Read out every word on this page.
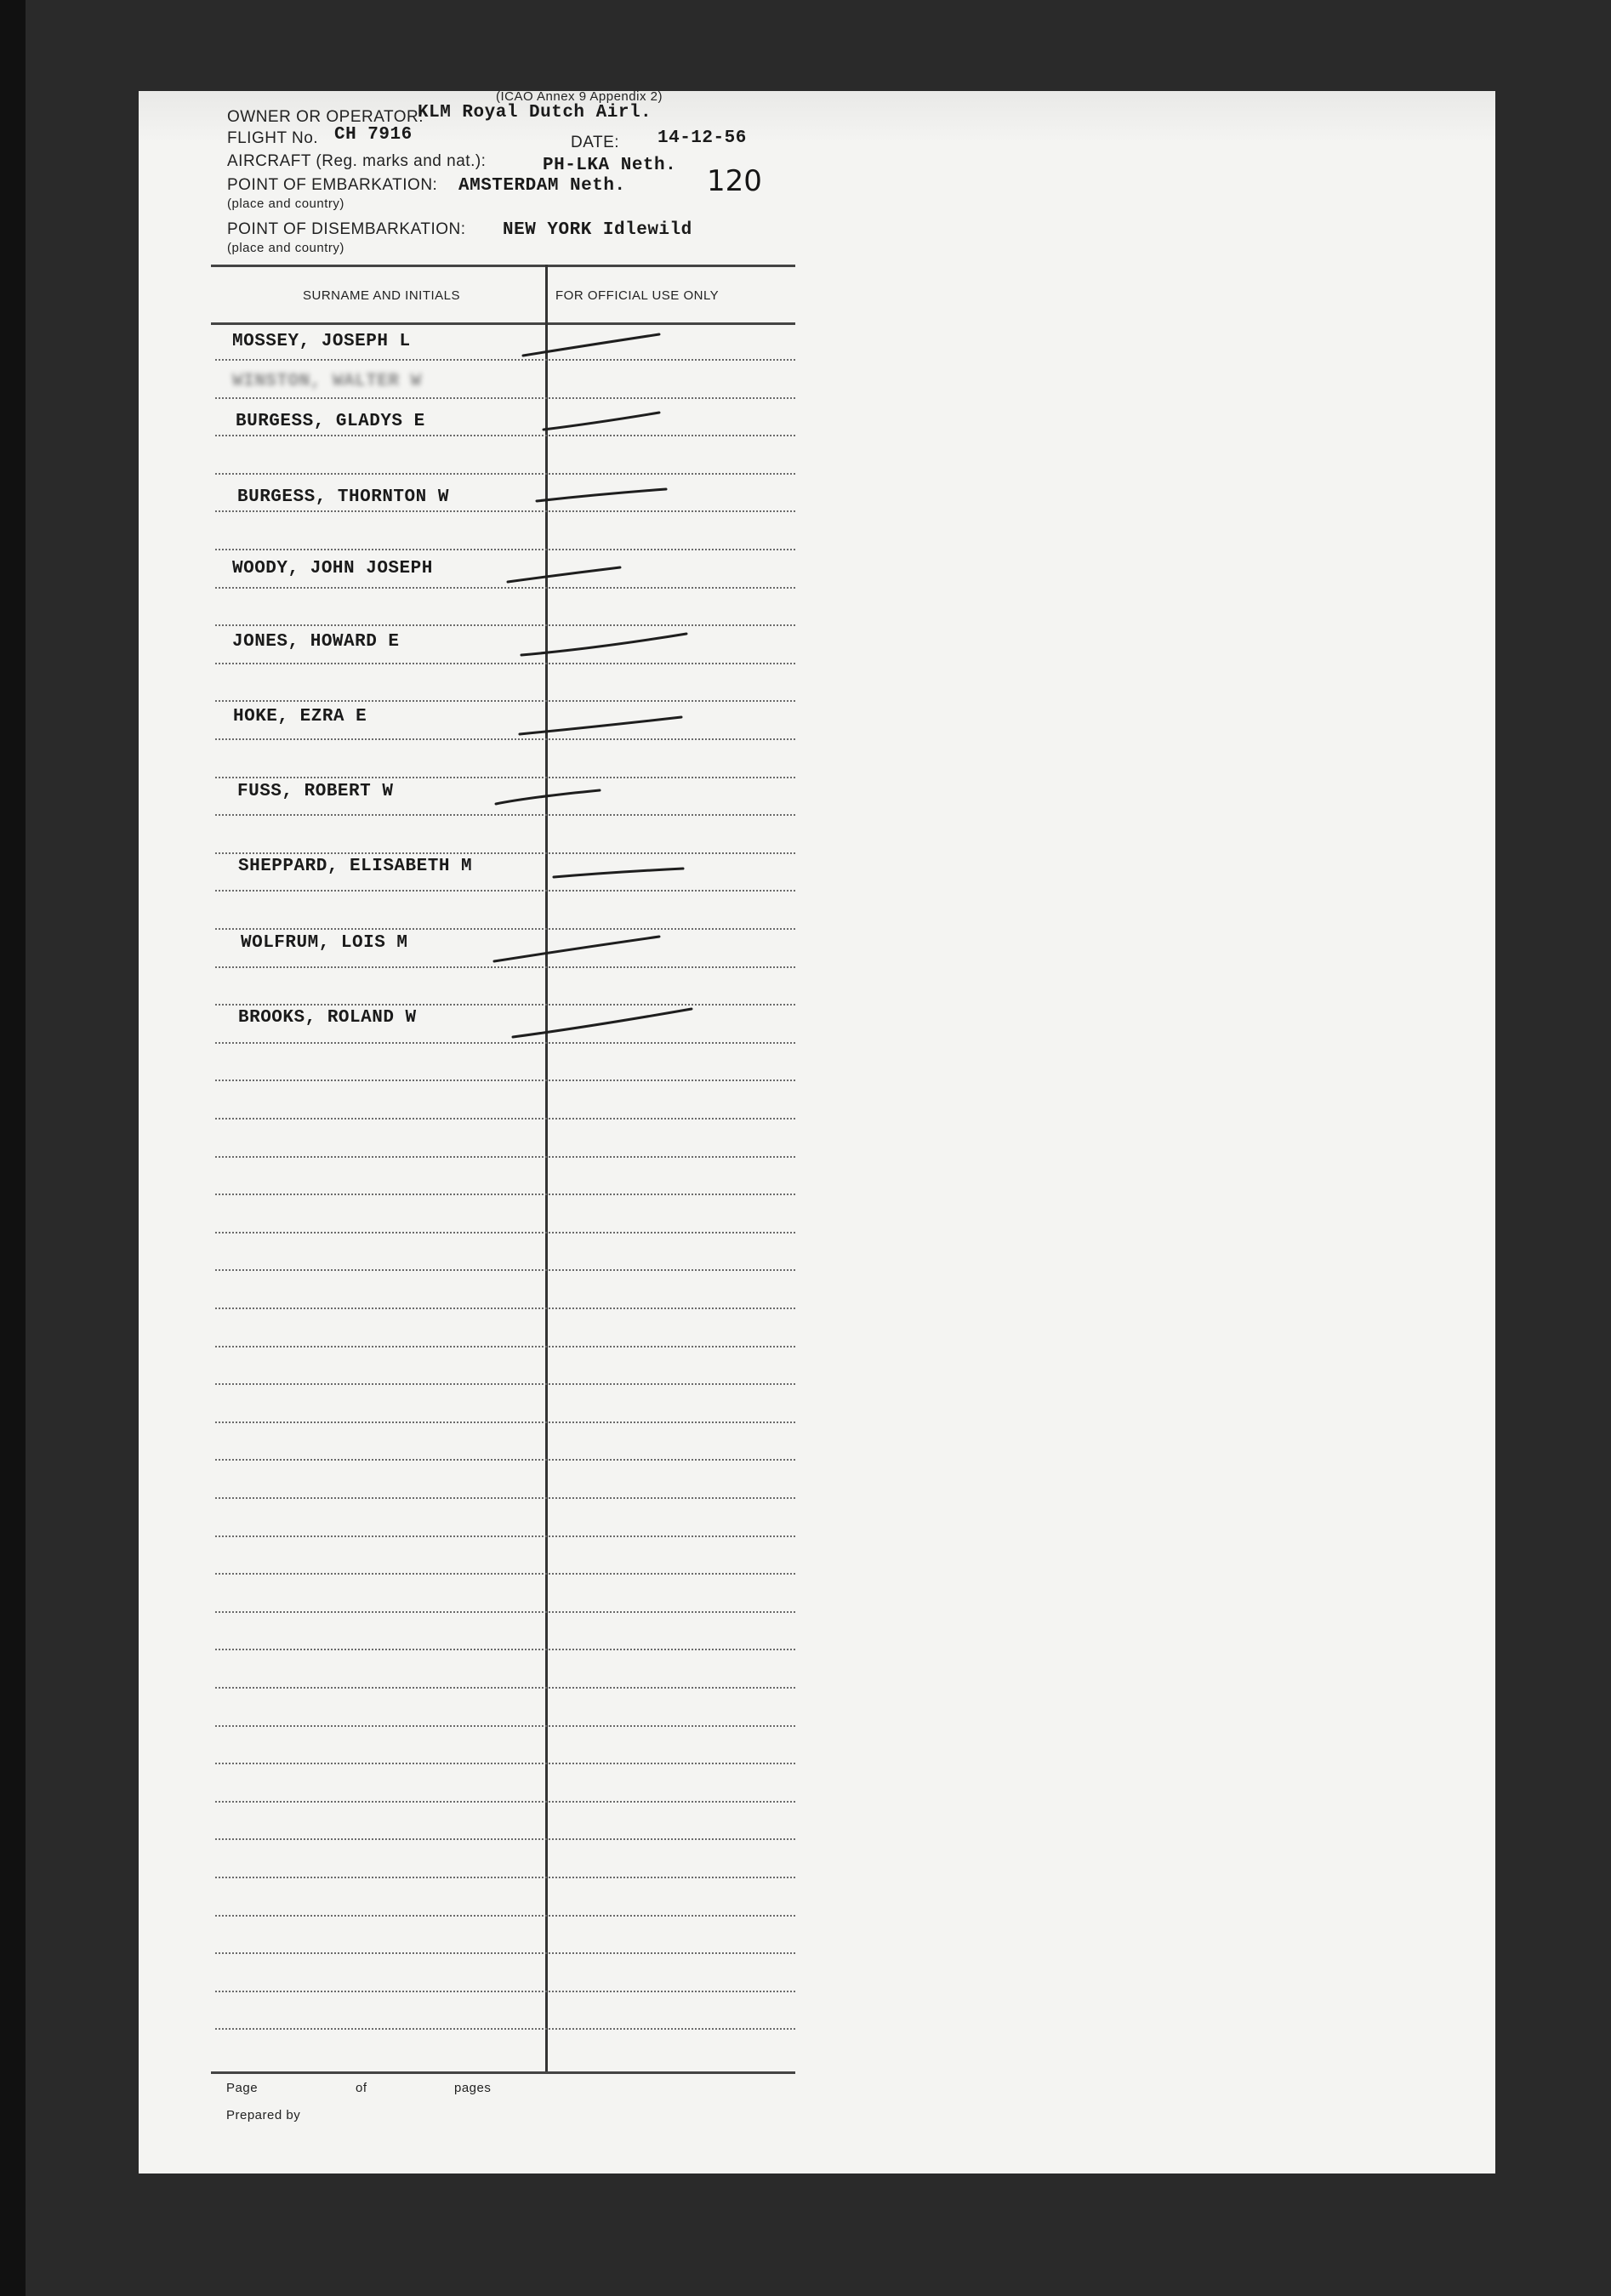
(ICAO Annex 9 Appendix 2)
OWNER OR OPERATOR:
KLM Royal Dutch Airl.
FLIGHT No. CH 7916	DATE: 14-12-56
AIRCRAFT (Reg. marks and nat.):	PH-LKA Neth.
POINT OF EMBARKATION: AMSTERDAM Neth.	120
(place and country)
POINT OF DISEMBARKATION: NEW YORK Idlewild
(place and country)
SURNAME AND INITIALS	FOR OFFICIAL USE ONLY
MOSSEY, JOSEPH L
WINSTON, WALTER W
BURGESS, GLADYS E
BURGESS, THORNTON W
WOODY, JOHN JOSEPH
JONES, HOWARD E
HOKE, EZRA E
FUSS, ROBERT W
SHEPPARD, ELISABETH M
WOLFRUM, LOIS M
BROOKS, ROLAND W
Page	of	pages
Prepared by
